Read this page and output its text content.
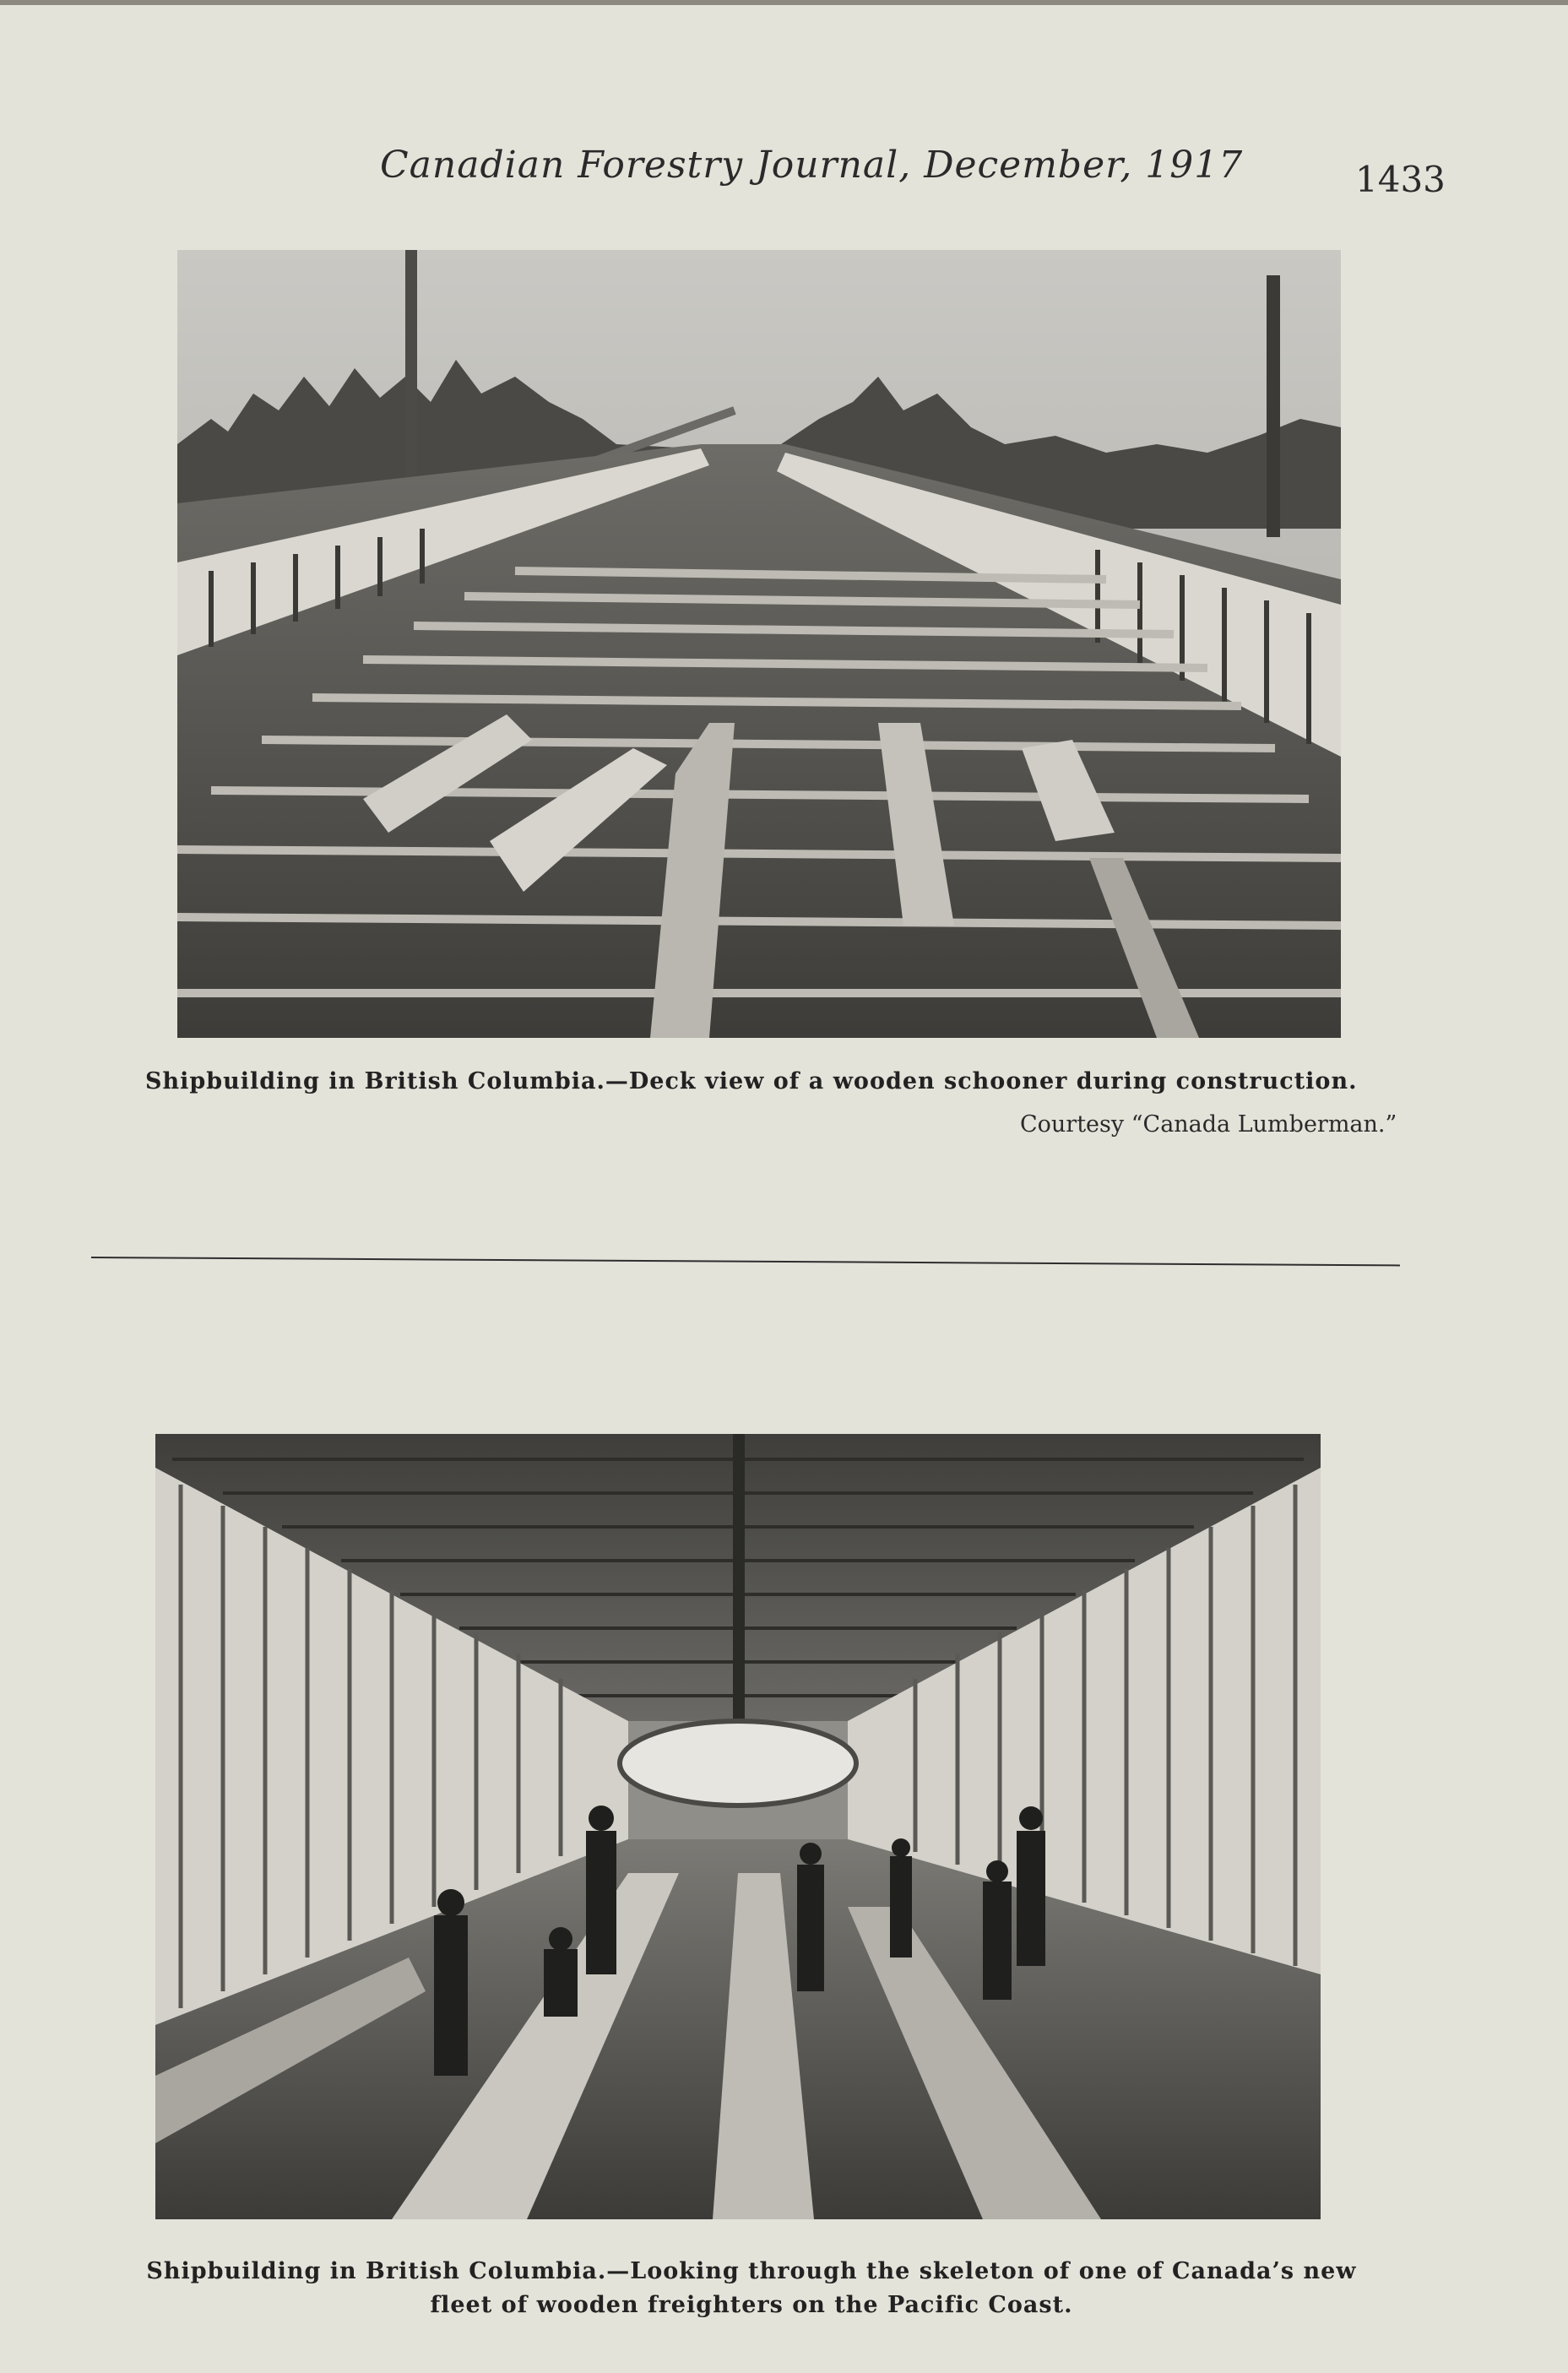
Canadian Forestry Journal, December, 1917	1433
Shipbuilding in British Columbia.—Deck view of a wooden schooner during construction.
Courtesy “Canada Lumberman.”
Shipbuilding in British Columbia.—Looking through the skeleton of one of Canada’s new fleet of wooden freighters on the Pacific Coast.
